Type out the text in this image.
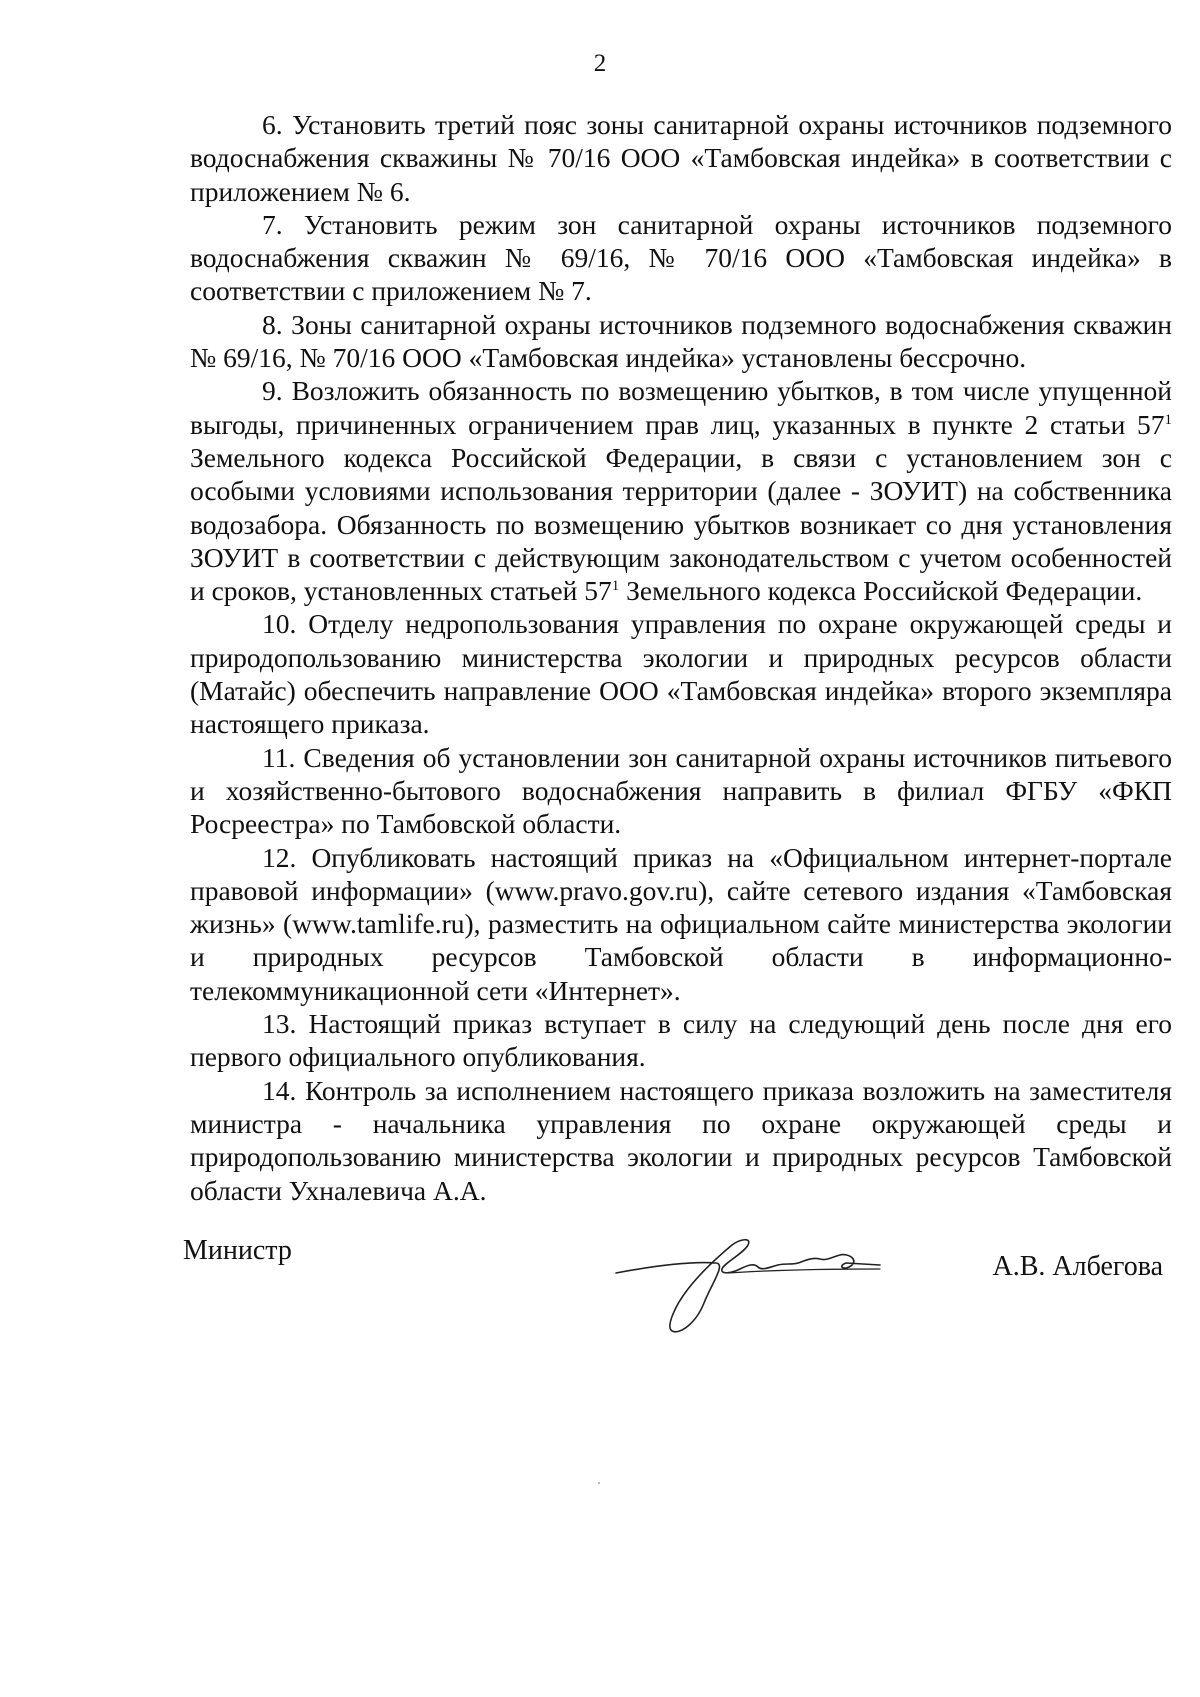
2

6. Установить третий пояс зоны санитарной охраны источников подземного водоснабжения скважины № 70/16 ООО «Тамбовская индейка» в соответствии с приложением № 6.

7. Установить режим зон санитарной охраны источников подземного водоснабжения скважин № 69/16, № 70/16 ООО «Тамбовская индейка» в соответствии с приложением № 7.

8. Зоны санитарной охраны источников подземного водоснабжения скважин № 69/16, № 70/16 ООО «Тамбовская индейка» установлены бессрочно.

9. Возложить обязанность по возмещению убытков, в том числе упущенной выгоды, причиненных ограничением прав лиц, указанных в пункте 2 статьи $57^1$ Земельного кодекса Российской Федерации, в связи с установлением зон с особыми условиями использования территории (далее - ЗОУИТ) на собственника водозабора. Обязанность по возмещению убытков возникает со дня установления ЗОУИТ в соответствии с действующим законодательством с учетом особенностей и сроков, установленных статьей $57^1$ Земельного кодекса Российской Федерации.

10. Отделу недропользования управления по охране окружающей среды и природопользованию министерства экологии и природных ресурсов области (Матайс) обеспечить направление ООО «Тамбовская индейка» второго экземпляра настоящего приказа.

11. Сведения об установлении зон санитарной охраны источников питьевого и хозяйственно-бытового водоснабжения направить в филиал ФГБУ «ФКП Росреестра» по Тамбовской области.

12. Опубликовать настоящий приказ на «Официальном интернет-портале правовой информации» (www.pravo.gov.ru), сайте сетевого издания «Тамбовская жизнь» (www.tamlife.ru), разместить на официальном сайте министерства экологии и природных ресурсов Тамбовской области в информационно-телекоммуникационной сети «Интернет».

13. Настоящий приказ вступает в силу на следующий день после дня его первого официального опубликования.

14. Контроль за исполнением настоящего приказа возложить на заместителя министра - начальника управления по охране окружающей среды и природопользованию министерства экологии и природных ресурсов Тамбовской области Ухналевича А.А.

Министр
А.В. Албегова
